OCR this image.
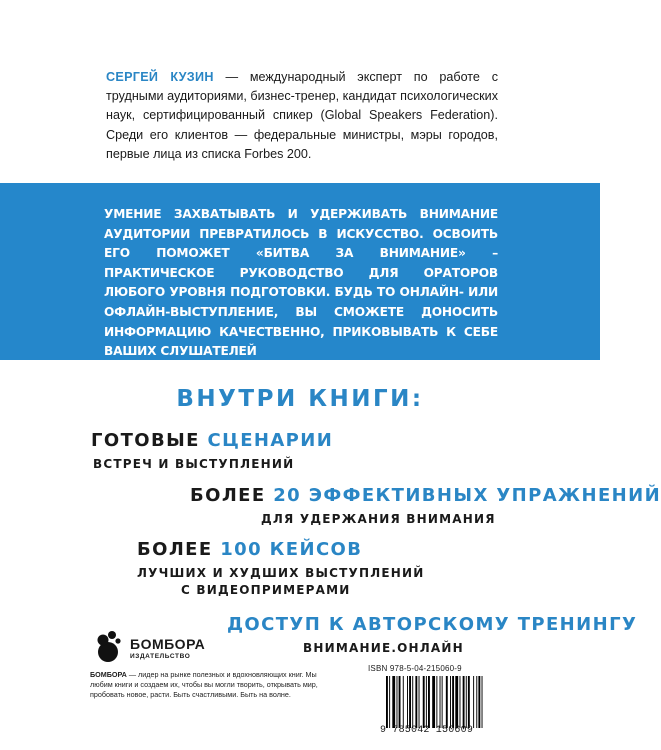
СЕРГЕЙ КУЗИН — международный эксперт по работе с трудными аудиториями, бизнес-тренер, кандидат психологических наук, сертифицированный спикер (Global Speakers Federation). Среди его клиентов — федеральные министры, мэры городов, первые лица из списка Forbes 200.

УМЕНИЕ ЗАХВАТЫВАТЬ И УДЕРЖИВАТЬ ВНИМАНИЕ АУДИТОРИИ ПРЕВРАТИЛОСЬ В ИСКУССТВО. ОСВОИТЬ ЕГО ПОМОЖЕТ «БИТВА ЗА ВНИМАНИЕ» – ПРАКТИЧЕСКОЕ РУКОВОДСТВО ДЛЯ ОРАТОРОВ ЛЮБОГО УРОВНЯ ПОДГОТОВКИ. БУДЬ ТО ОНЛАЙН- ИЛИ ОФЛАЙН-ВЫСТУПЛЕНИЕ, ВЫ СМОЖЕТЕ ДОНОСИТЬ ИНФОРМАЦИЮ КАЧЕСТВЕННО, ПРИКОВЫВАТЬ К СЕБЕ ВАШИХ СЛУШАТЕЛЕЙ
И ДОБИВАТЬСЯ ЖЕЛАЕМОГО.

ВНУТРИ КНИГИ:
ГОТОВЫЕ СЦЕНАРИИ
ВСТРЕЧ И ВЫСТУПЛЕНИЙ
БОЛЕЕ 20 ЭФФЕКТИВНЫХ УПРАЖНЕНИЙ
ДЛЯ УДЕРЖАНИЯ ВНИМАНИЯ
БОЛЕЕ 100 КЕЙСОВ
ЛУЧШИХ И ХУДШИХ ВЫСТУПЛЕНИЙ
С ВИДЕОПРИМЕРАМИ
ДОСТУП К АВТОРСКОМУ ТРЕНИНГУ
ВНИМАНИЕ.ОНЛАЙН
БОМБОРА
ИЗДАТЕЛЬСТВО

БОМБОРА — лидер на рынке полезных и вдохновляющих книг. Мы любим книги и создаем их, чтобы вы могли творить, открывать мир, пробовать новое, расти. Быть счастливыми. Быть на волне.

ISBN 978-5-04-215060-9
9 785042 150609
